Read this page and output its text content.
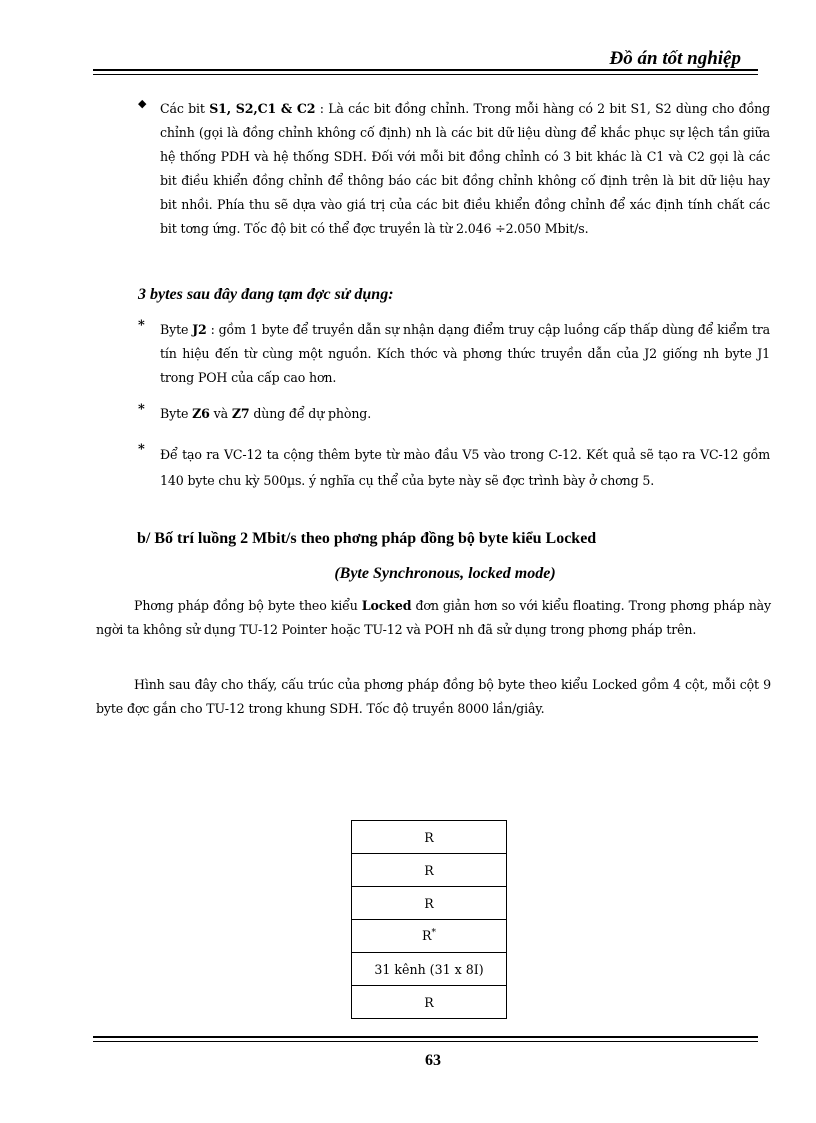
Đồ án tốt nghiệp
◆ Các bit S1, S2,C1 & C2 : Là các bit đồng chỉnh. Trong mỗi hàng có 2 bit S1, S2 dùng cho đồng chỉnh (gọi là đồng chỉnh không cố định) nh là các bit dữ liệu dùng để khắc phục sự lệch tần giữa hệ thống PDH và hệ thống SDH. Đối với mỗi bit đồng chỉnh có 3 bit khác là C1 và C2 gọi là các bit điều khiển đồng chỉnh để thông báo các bit đồng chỉnh không cố định trên là bit dữ liệu hay bit nhồi. Phía thu sẽ dựa vào giá trị của các bit điều khiển đồng chỉnh để xác định tính chất các bit tơng ứng. Tốc độ bit có thể đợc truyền là từ 2.046 ÷2.050 Mbit/s.
3 bytes sau đây đang tạm đợc sử dụng:
* Byte J2 : gồm 1 byte để truyền dẫn sự nhận dạng điểm truy cập luồng cấp thấp dùng để kiểm tra tín hiệu đến từ cùng một nguồn. Kích thớc và phơng thức truyền dẫn của J2 giống nh byte J1 trong POH của cấp cao hơn.
* Byte Z6 và Z7 dùng để dự phòng.
* Để tạo ra VC-12 ta cộng thêm byte từ mào đầu V5 vào trong C-12. Kết quả sẽ tạo ra VC-12 gồm 140 byte chu kỳ 500µs. ý nghĩa cụ thể của byte này sẽ đợc trình bày ở chơng 5.
b/ Bố trí luồng 2 Mbit/s theo phơng pháp đồng bộ byte kiểu Locked
(Byte Synchronous, locked mode)
Phơng pháp đồng bộ byte theo kiểu Locked đơn giản hơn so với kiểu floating. Trong phơng pháp này ngời ta không sử dụng TU-12 Pointer hoặc TU-12 và POH nh đã sử dụng trong phơng pháp trên.
Hình sau đây cho thấy, cấu trúc của phơng pháp đồng bộ byte theo kiểu Locked gồm 4 cột, mỗi cột 9 byte đợc gắn cho TU-12 trong khung SDH. Tốc độ truyền 8000 lần/giây.
R
R
R
R*
31 kênh (31 x 8I)
R
63
